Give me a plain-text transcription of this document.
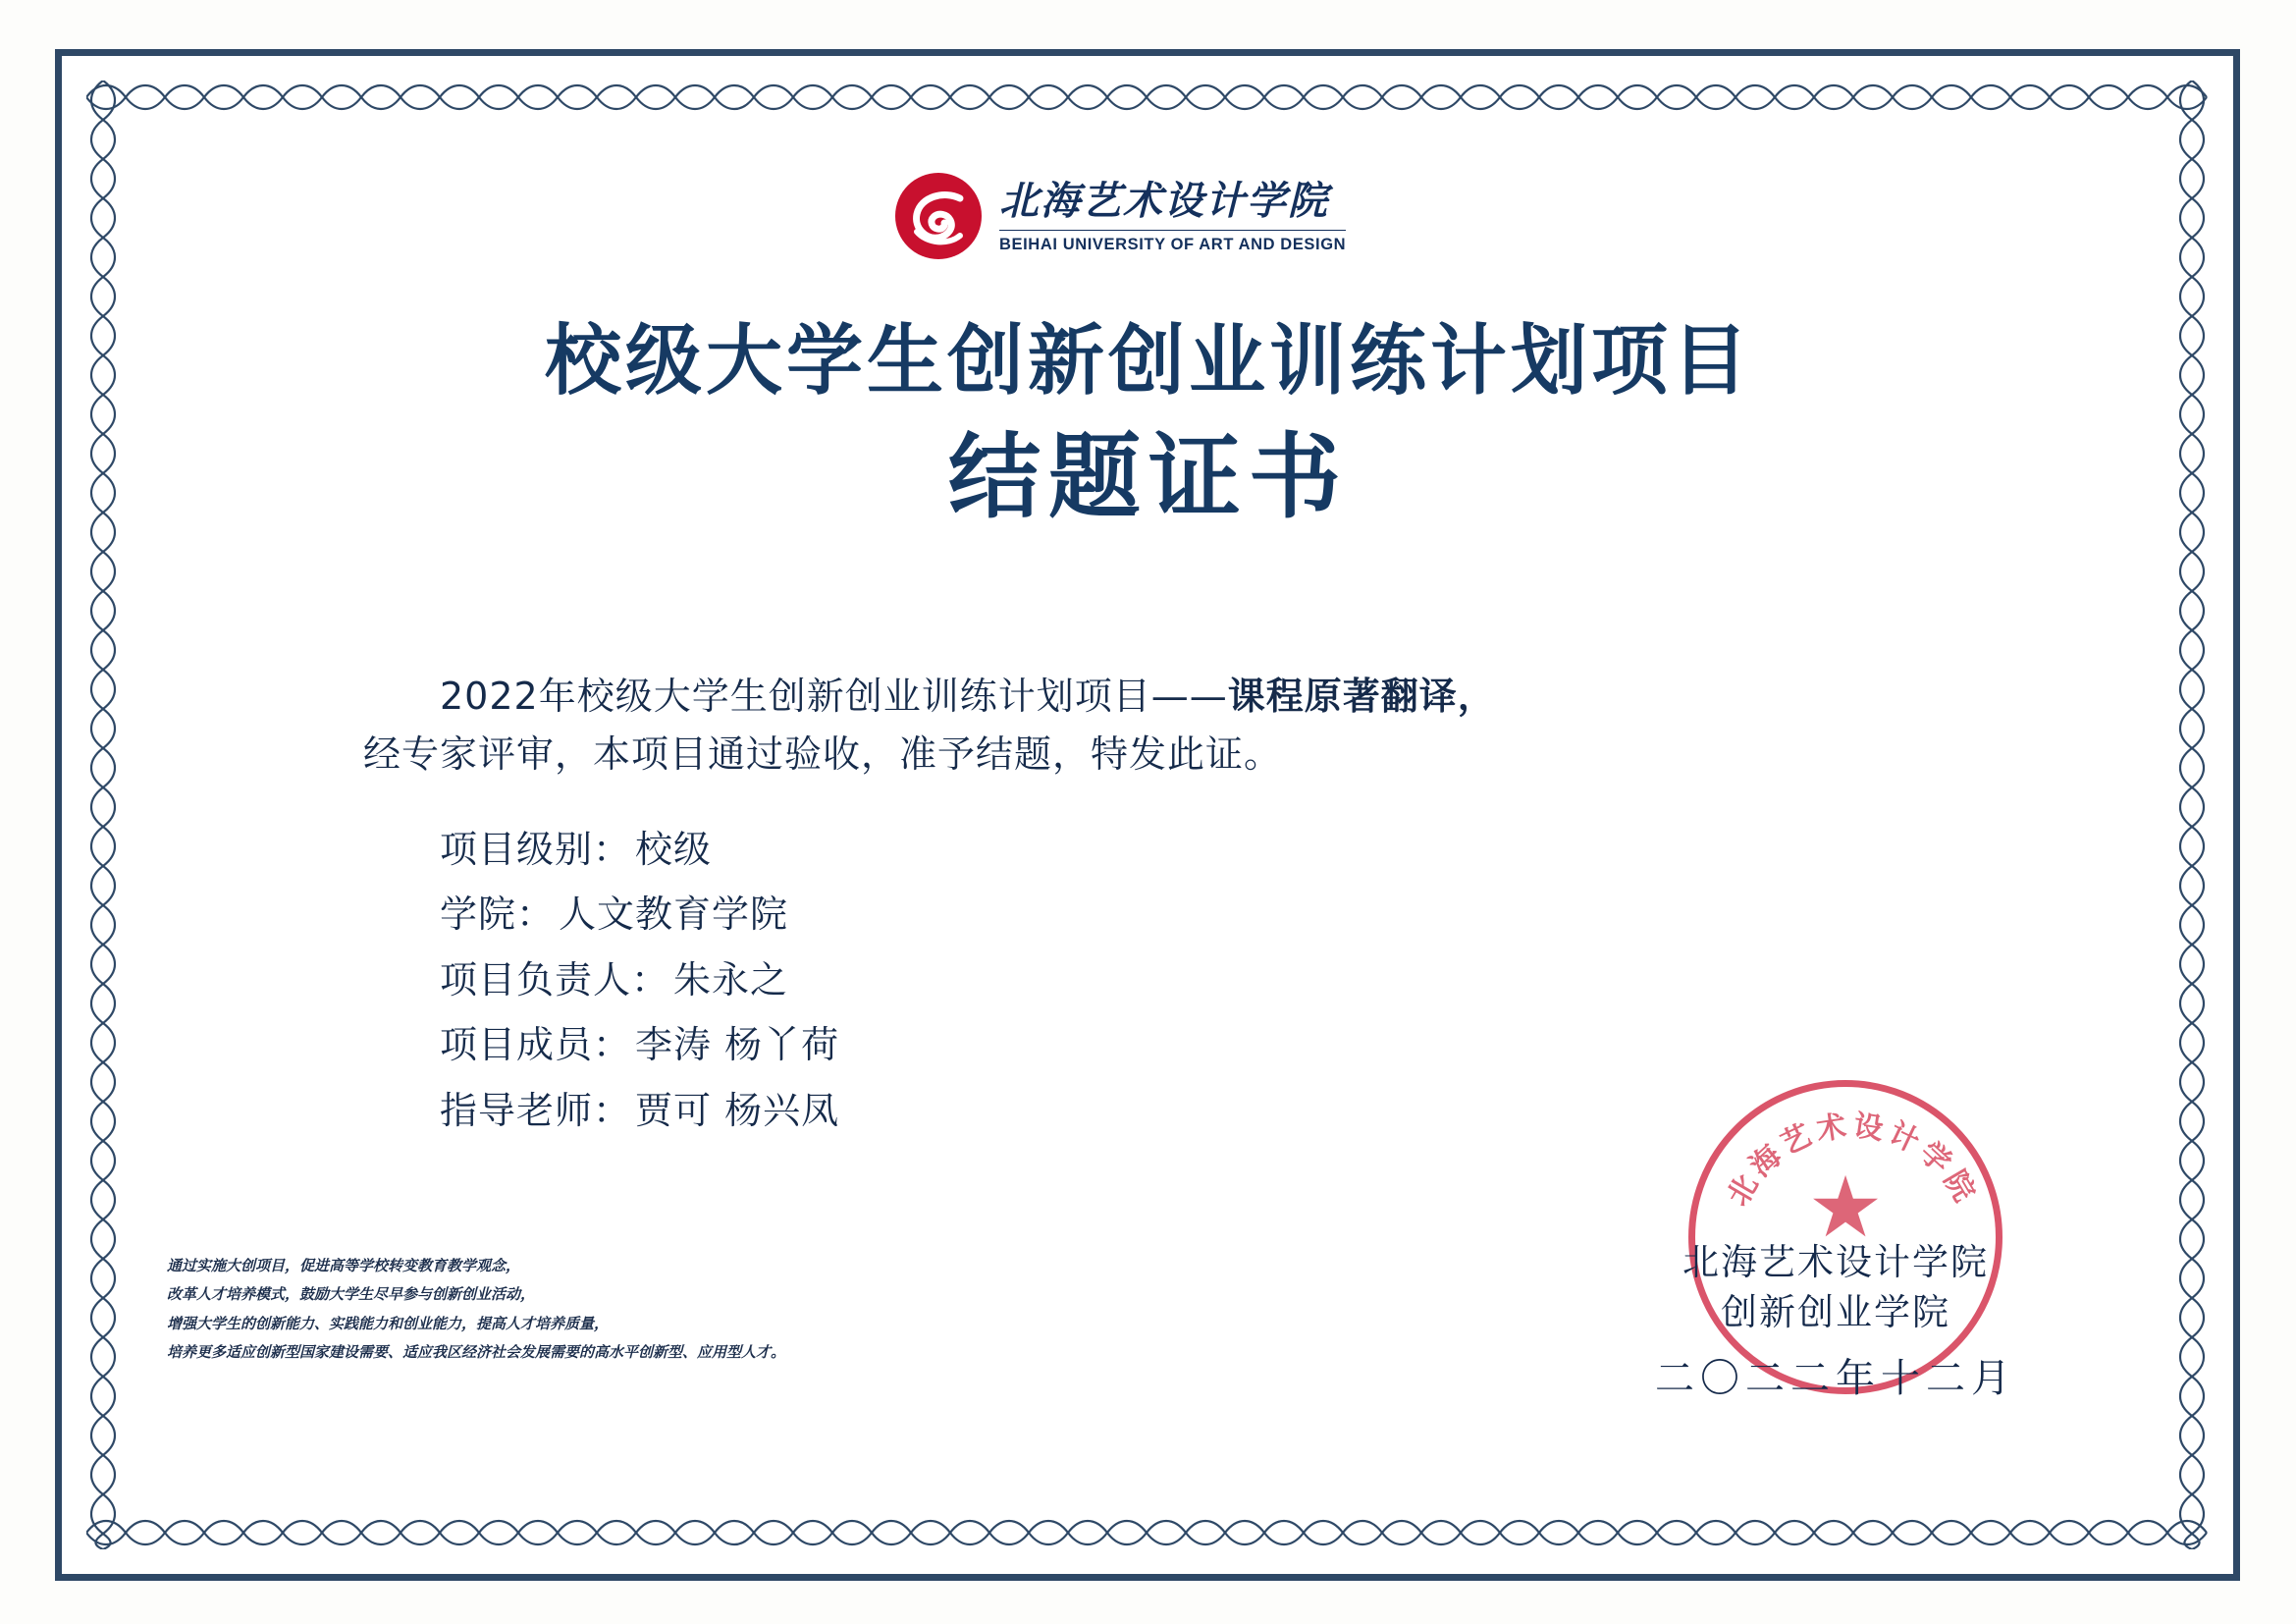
北海艺术设计学院
BEIHAI UNIVERSITY OF ART AND DESIGN
校级大学生创新创业训练计划项目
结题证书
2022年校级大学生创新创业训练计划项目——课程原著翻译，
经专家评审，本项目通过验收，准予结题，特发此证。
项目级别： 校级
学院： 人文教育学院
项目负责人： 朱永之
项目成员： 李涛 杨丫荷
指导老师： 贾可 杨兴凤
通过实施大创项目，促进高等学校转变教育教学观念，
改革人才培养模式，鼓励大学生尽早参与创新创业活动，
增强大学生的创新能力、实践能力和创业能力，提高人才培养质量，
培养更多适应创新型国家建设需要、适应我区经济社会发展需要的高水平创新型、应用型人才。
北海艺术设计学院
★
北海艺术设计学院
创新创业学院
二〇二二年十二月
